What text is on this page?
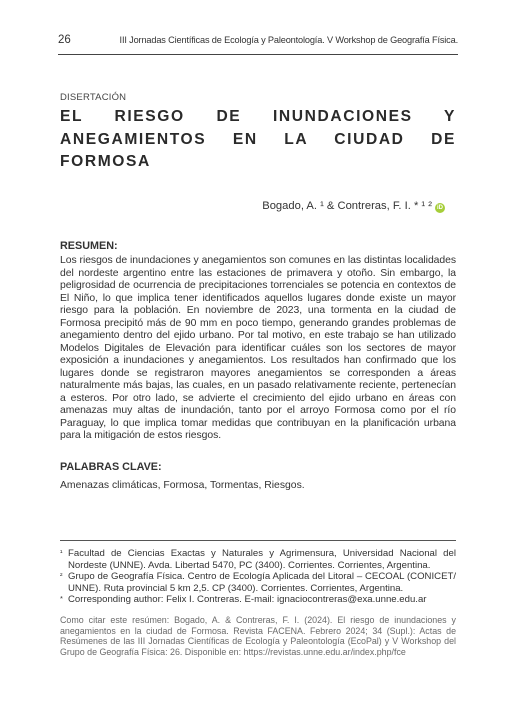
26	III Jornadas Científicas de Ecología y Paleontología. V Workshop de Geografía Física.
DISERTACIÓN
EL RIESGO DE INUNDACIONES Y ANEGAMIENTOS EN LA CIUDAD DE FORMOSA
Bogado, A. ¹ & Contreras, F. I. * ¹ ² iD
RESUMEN:
Los riesgos de inundaciones y anegamientos son comunes en las distintas localidades del nordeste argentino entre las estaciones de primavera y otoño. Sin embargo, la peligrosidad de ocurrencia de precipitaciones torrenciales se potencia en contextos de El Niño, lo que implica tener identificados aquellos lugares donde existe un mayor riesgo para la población. En noviembre de 2023, una tormenta en la ciudad de Formosa precipitó más de 90 mm en poco tiempo, generando grandes problemas de anegamiento dentro del ejido urbano. Por tal motivo, en este trabajo se han utilizado Modelos Digitales de Elevación para identificar cuáles son los sectores de mayor exposición a inundaciones y anegamientos. Los resultados han confirmado que los lugares donde se registraron mayores anegamientos se corresponden a áreas naturalmente más bajas, las cuales, en un pasado relativamente reciente, pertenecían a esteros. Por otro lado, se advierte el crecimiento del ejido urbano en áreas con amenazas muy altas de inundación, tanto por el arroyo Formosa como por el río Paraguay, lo que implica tomar medidas que contribuyan en la planificación urbana para la mitigación de estos riesgos.
PALABRAS CLAVE:
Amenazas climáticas, Formosa, Tormentas, Riesgos.
¹ Facultad de Ciencias Exactas y Naturales y Agrimensura, Universidad Nacional del Nordeste (UNNE). Avda. Libertad 5470, PC (3400). Corrientes. Corrientes, Argentina.
² Grupo de Geografía Física. Centro de Ecología Aplicada del Litoral – CECOAL (CONICET/ UNNE). Ruta provincial 5 km 2,5. CP (3400). Corrientes. Corrientes, Argentina.
* Corresponding author: Felix I. Contreras. E-mail: ignaciocontreras@exa.unne.edu.ar
Como citar este resúmen: Bogado, A. & Contreras, F. I. (2024). El riesgo de inundaciones y anegamientos en la ciudad de Formosa. Revista FACENA. Febrero 2024; 34 (Supl.): Actas de Resúmenes de las III Jornadas Científicas de Ecología y Paleontología (EcoPal) y V Workshop del Grupo de Geografía Física: 26. Disponible en: https://revistas.unne.edu.ar/index.php/fce
